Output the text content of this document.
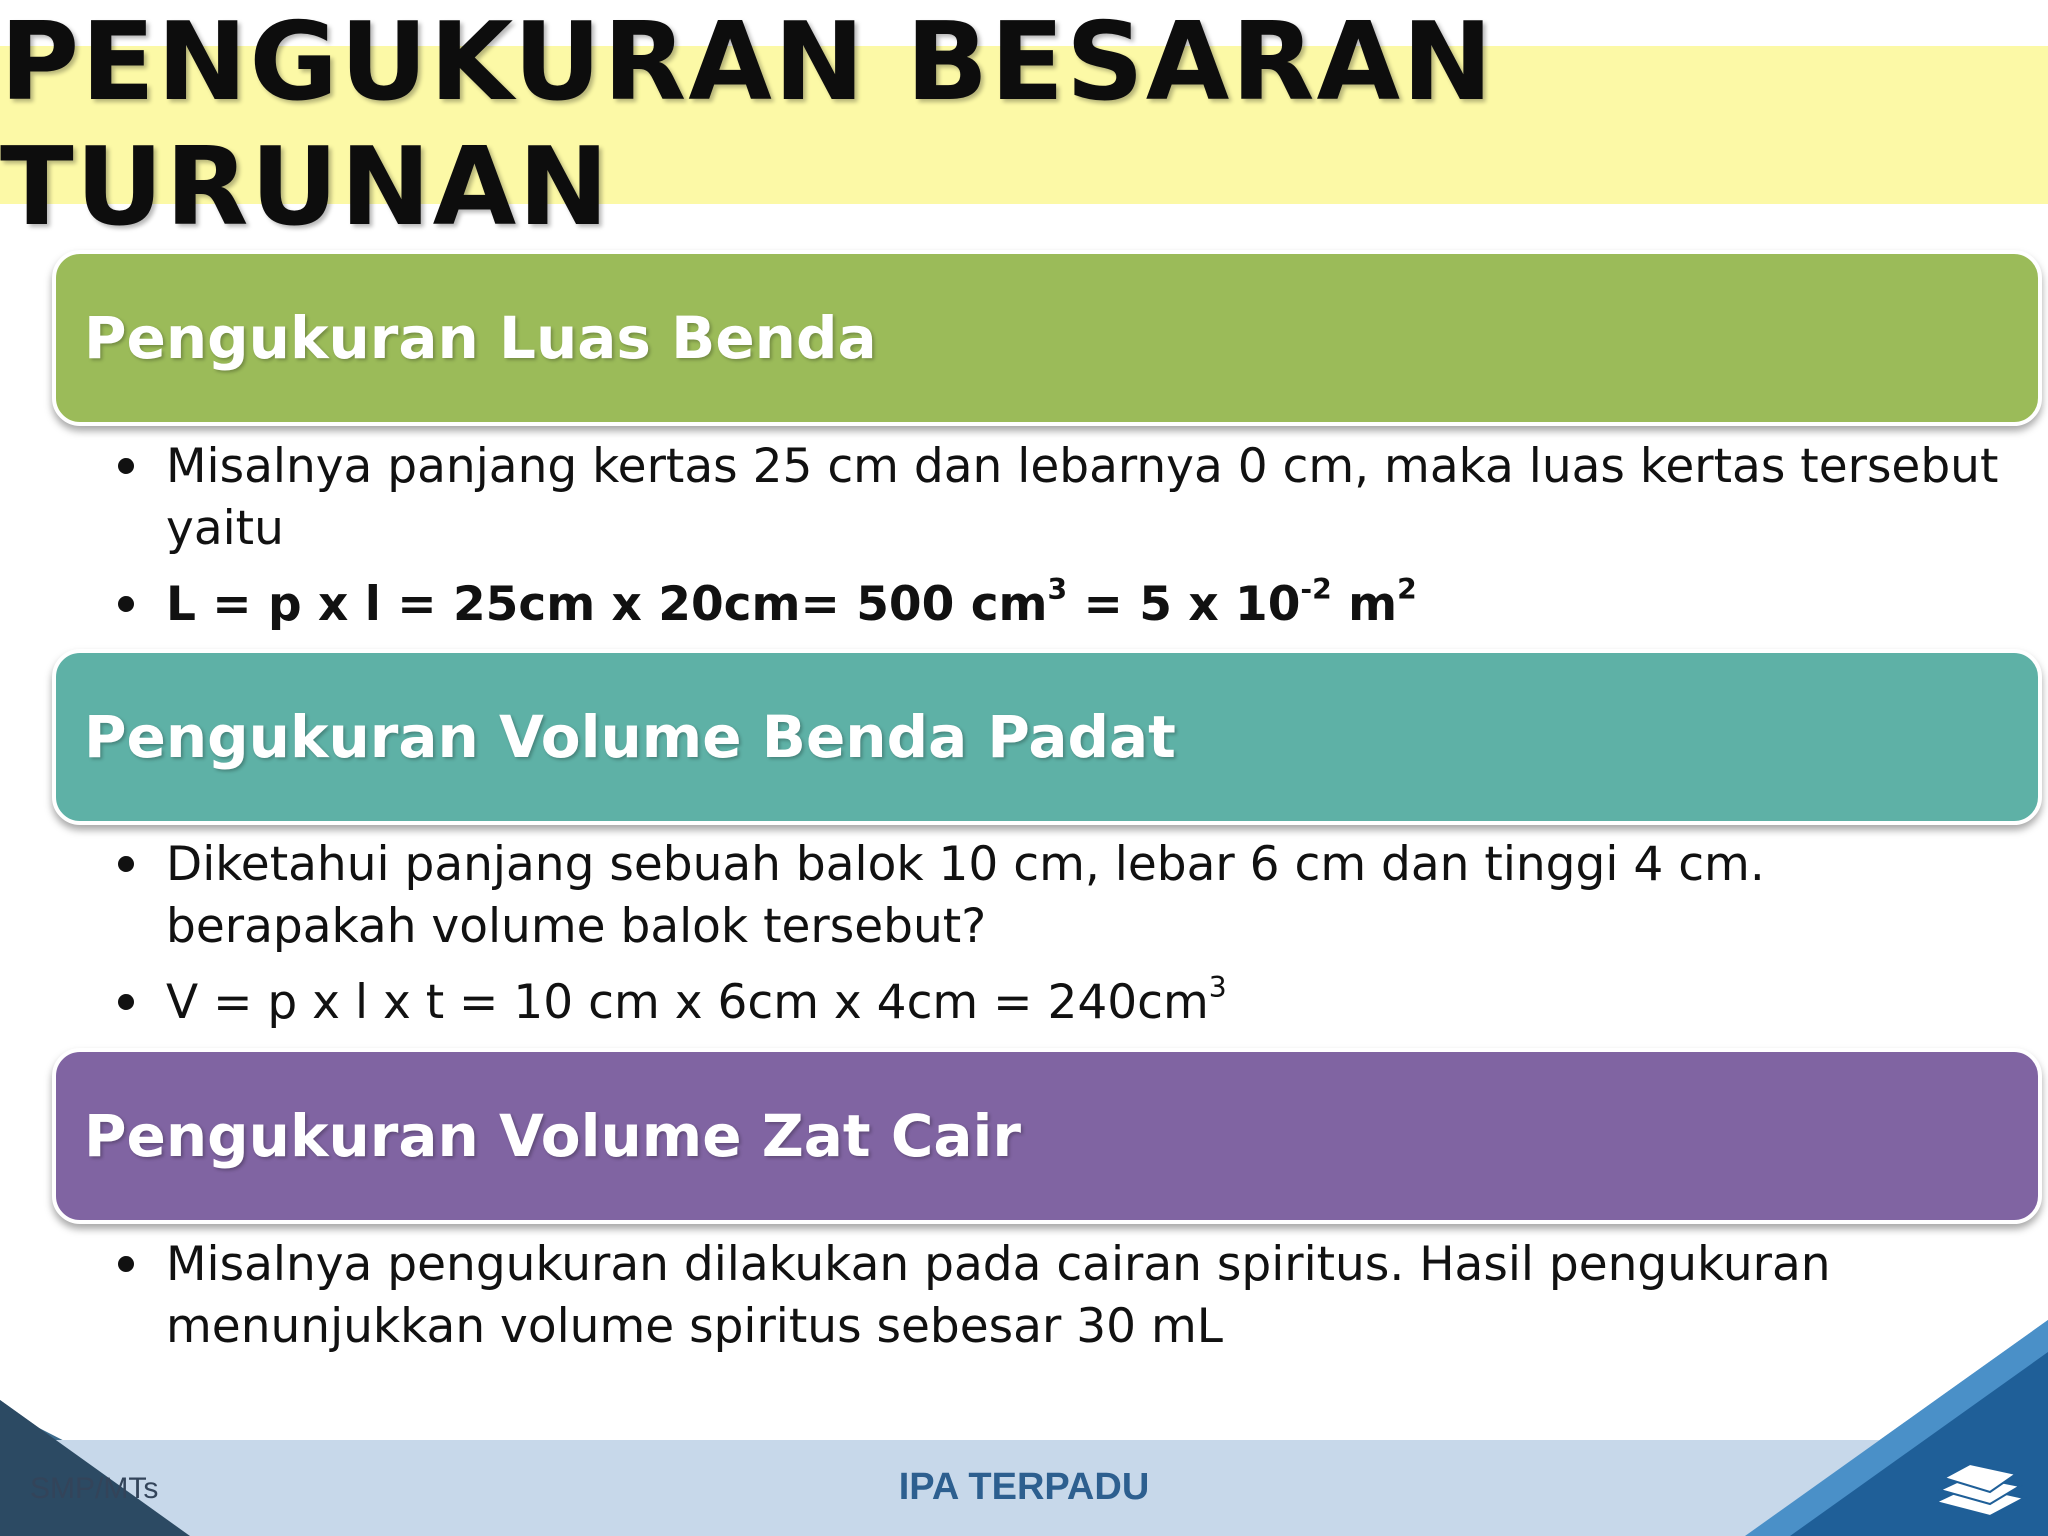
PENGUKURAN BESARAN TURUNAN
Pengukuran Luas Benda
Misalnya panjang kertas 25 cm dan lebarnya 0 cm, maka luas kertas tersebut yaitu
L = p x l = 25cm x 20cm= 500 $cm^3 = 5$ x $10^{-2}$ $m^2$
Pengukuran Volume Benda Padat
Diketahui panjang sebuah balok 10 cm, lebar 6 cm dan tinggi 4 cm. berapakah volume balok tersebut?
V = p x l x t = 10 cm x 6cm x $4cm = 240cm^3$
Pengukuran Volume Zat Cair
Misalnya pengukuran dilakukan pada cairan spiritus. Hasil pengukuran menunjukkan volume spiritus sebesar 30 mL
SMP/MTs	IPA TERPADU
